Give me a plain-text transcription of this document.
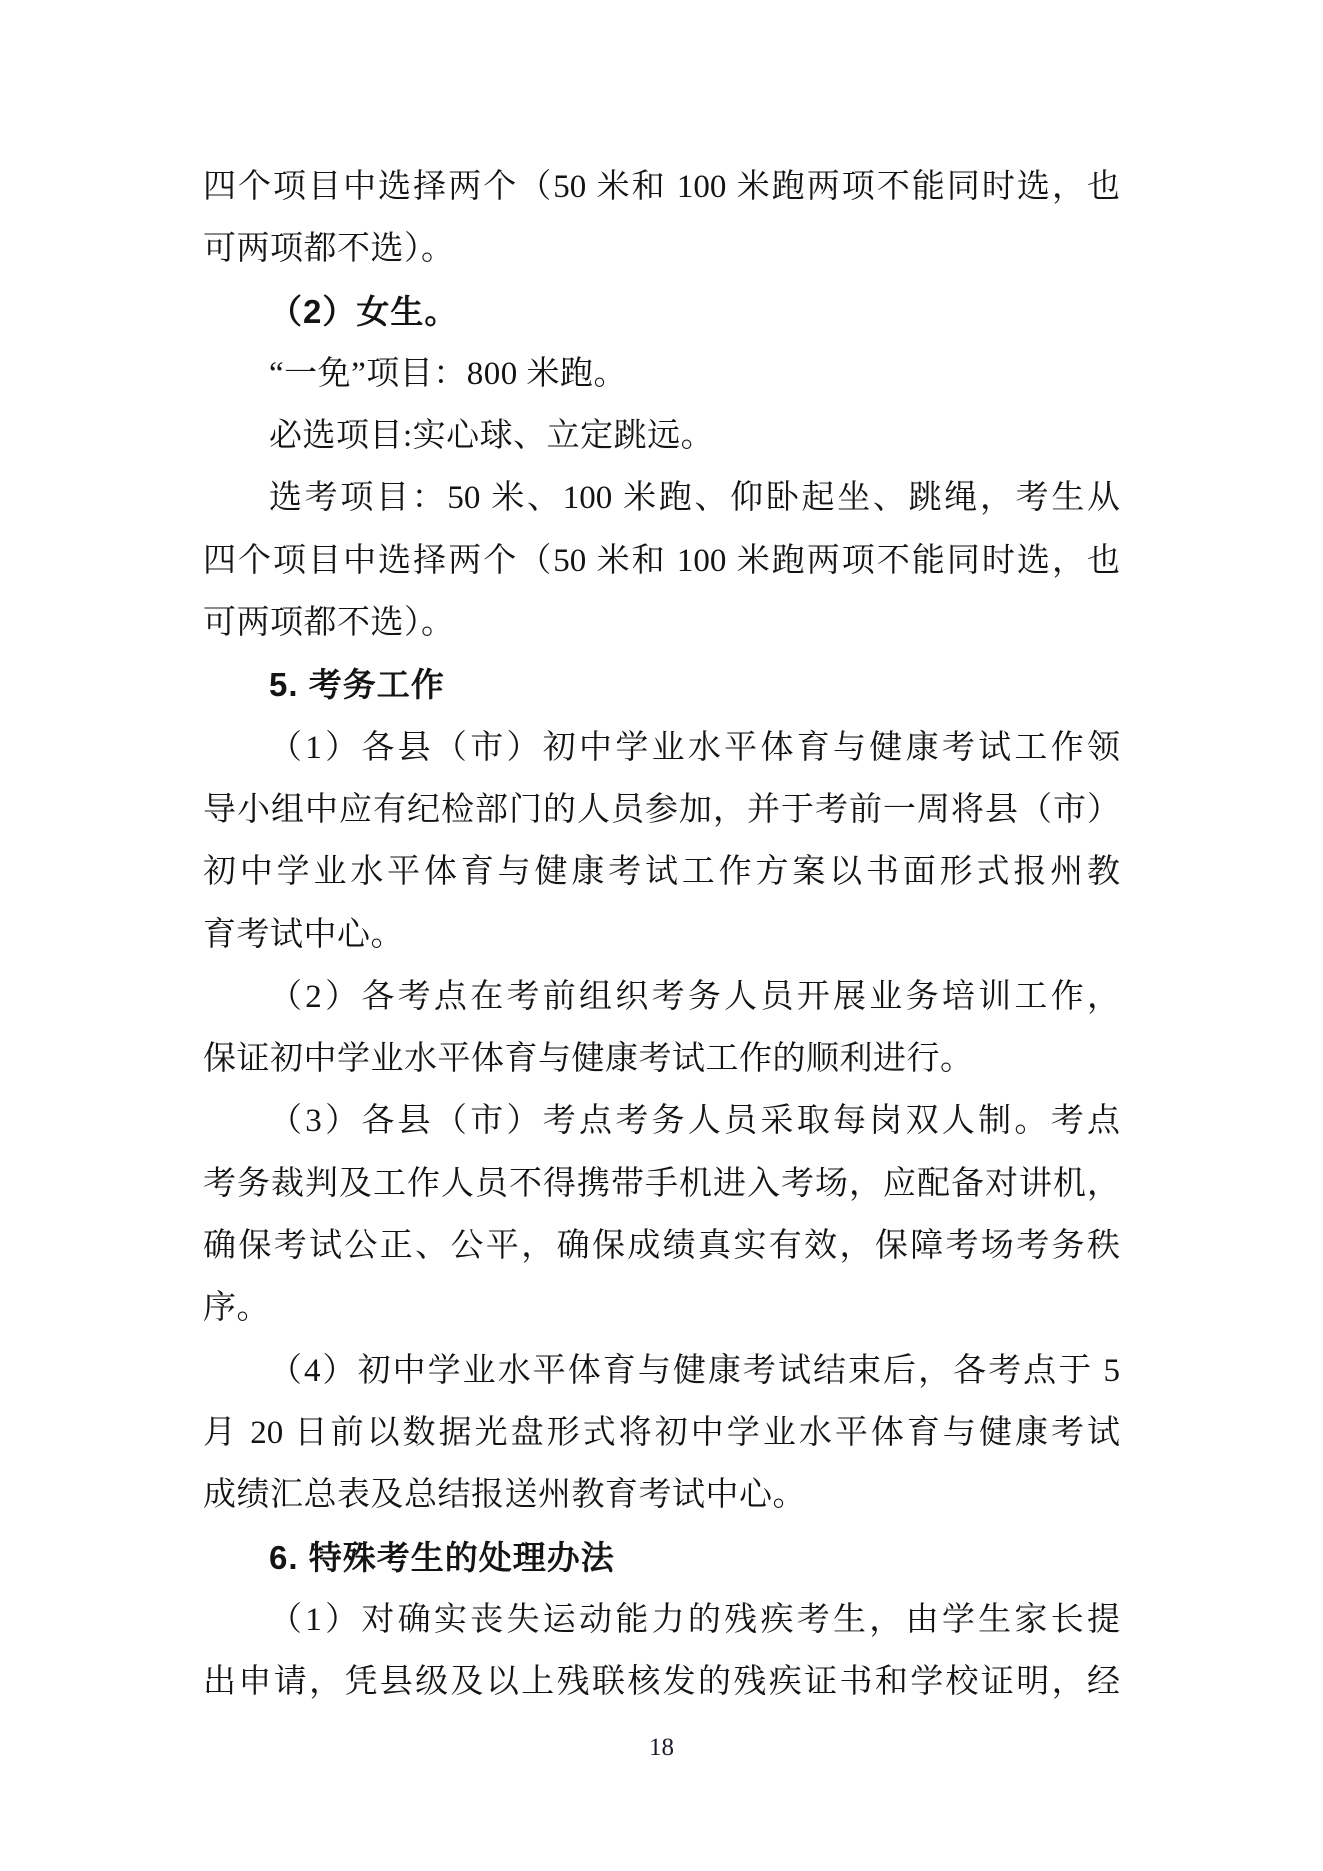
四个项目中选择两个（50 米和 100 米跑两项不能同时选，也
可两项都不选）。
（2）女生。
“一免”项目：800 米跑。
必选项目:实心球、立定跳远。
选考项目：50 米、100 米跑、仰卧起坐、跳绳，考生从
四个项目中选择两个（50 米和 100 米跑两项不能同时选，也
可两项都不选）。
5. 考务工作
（1）各县（市）初中学业水平体育与健康考试工作领
导小组中应有纪检部门的人员参加，并于考前一周将县（市）
初中学业水平体育与健康考试工作方案以书面形式报州教
育考试中心。
（2）各考点在考前组织考务人员开展业务培训工作，
保证初中学业水平体育与健康考试工作的顺利进行。
（3）各县（市）考点考务人员采取每岗双人制。考点
考务裁判及工作人员不得携带手机进入考场，应配备对讲机，
确保考试公正、公平，确保成绩真实有效，保障考场考务秩
序。
（4）初中学业水平体育与健康考试结束后，各考点于 5
月 20 日前以数据光盘形式将初中学业水平体育与健康考试
成绩汇总表及总结报送州教育考试中心。
6. 特殊考生的处理办法
（1）对确实丧失运动能力的残疾考生，由学生家长提
出申请，凭县级及以上残联核发的残疾证书和学校证明，经
18
